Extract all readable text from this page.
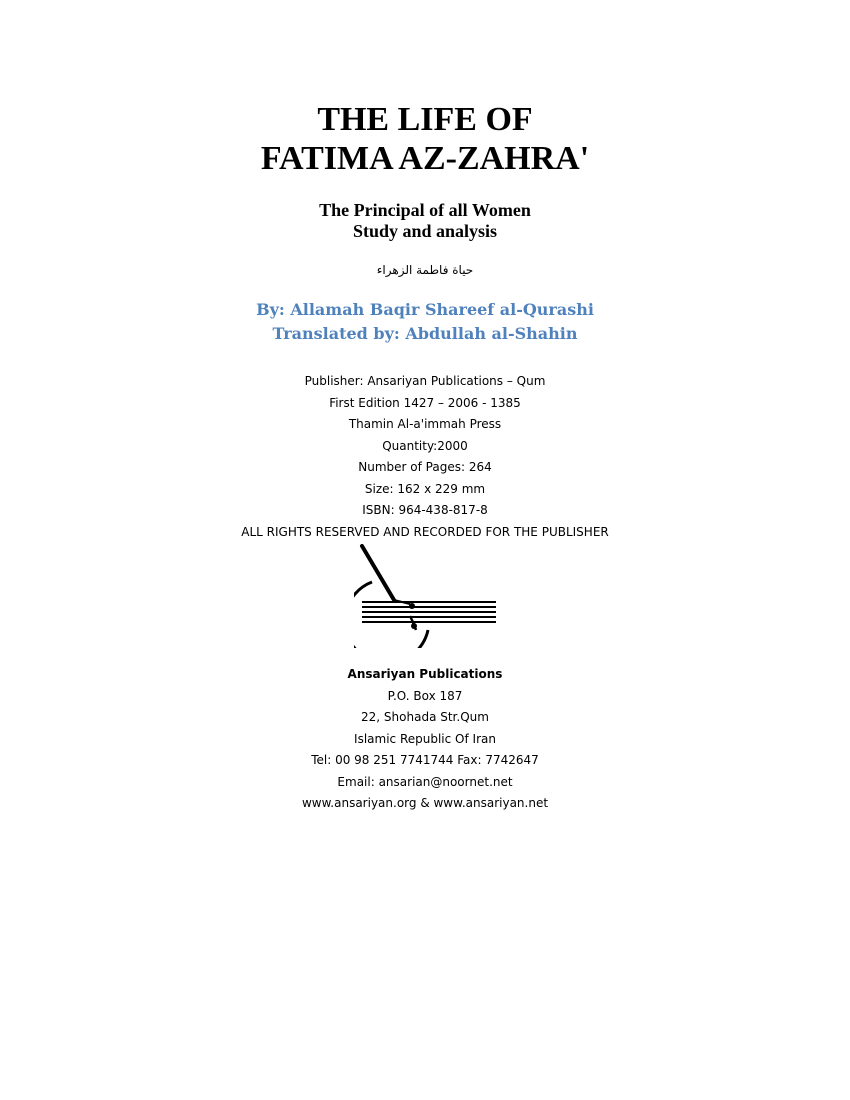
THE LIFE OF
FATIMA AZ-ZAHRA'
The Principal of all Women
Study and analysis
حياة فاطمة الزهراء
By: Allamah Baqir Shareef al-Qurashi
Translated by: Abdullah al-Shahin
Publisher: Ansariyan Publications – Qum
First Edition 1427 – 2006 - 1385
Thamin Al-a'immah Press
Quantity:2000
Number of Pages: 264
Size: 162 x 229 mm
ISBN: 964-438-817-8
ALL RIGHTS RESERVED AND RECORDED FOR THE PUBLISHER
Ansariyan Publications
P.O. Box 187
22, Shohada Str.Qum
Islamic Republic Of Iran
Tel: 00 98 251 7741744 Fax: 7742647
Email: ansarian@noornet.net
www.ansariyan.org & www.ansariyan.net
